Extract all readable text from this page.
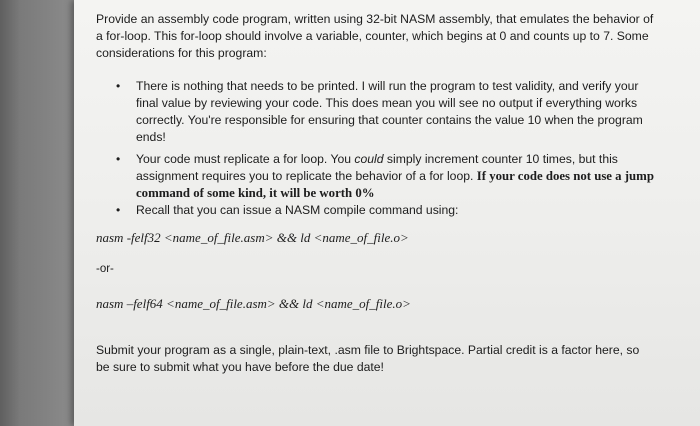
Provide an assembly code program, written using 32-bit NASM assembly, that emulates the behavior of a for-loop. This for-loop should involve a variable, counter, which begins at 0 and counts up to 7. Some considerations for this program:

• There is nothing that needs to be printed. I will run the program to test validity, and verify your final value by reviewing your code. This does mean you will see no output if everything works correctly. You're responsible for ensuring that counter contains the value 10 when the program ends!
• Your code must replicate a for loop. You could simply increment counter 10 times, but this assignment requires you to replicate the behavior of a for loop. If your code does not use a jump command of some kind, it will be worth 0%
• Recall that you can issue a NASM compile command using:

nasm -felf32 <name_of_file.asm> && ld <name_of_file.o>

-or-

nasm –felf64 <name_of_file.asm> && ld <name_of_file.o>

Submit your program as a single, plain-text, .asm file to Brightspace. Partial credit is a factor here, so be sure to submit what you have before the due date!
